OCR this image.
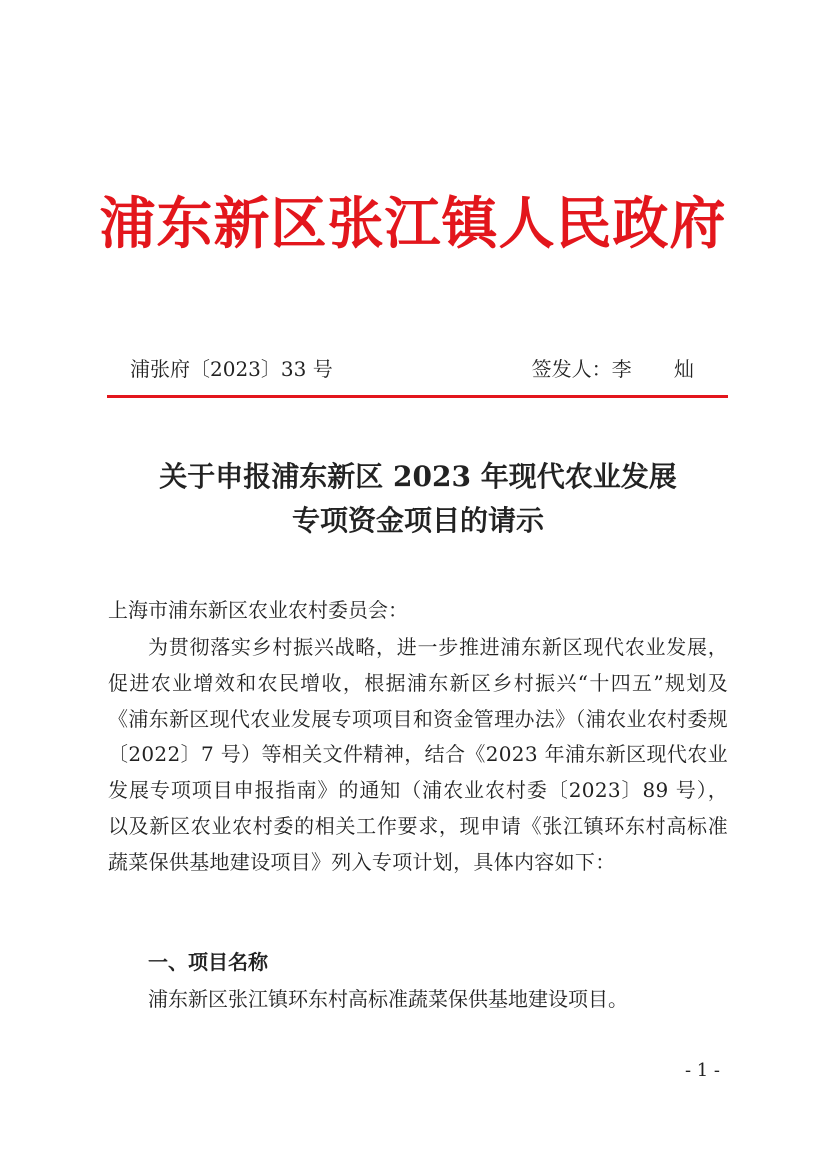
浦东新区张江镇人民政府
浦张府〔2023〕33 号	签发人：李 灿
关于申报浦东新区 2023 年现代农业发展
专项资金项目的请示
上海市浦东新区农业农村委员会：
为贯彻落实乡村振兴战略，进一步推进浦东新区现代农业发展，促进农业增效和农民增收，根据浦东新区乡村振兴“十四五”规划及《浦东新区现代农业发展专项项目和资金管理办法》（浦农业农村委规〔2022〕7 号）等相关文件精神，结合《2023 年浦东新区现代农业发展专项项目申报指南》的通知（浦农业农村委〔2023〕89 号），以及新区农业农村委的相关工作要求，现申请《张江镇环东村高标准蔬菜保供基地建设项目》列入专项计划，具体内容如下：
一、项目名称
浦东新区张江镇环东村高标准蔬菜保供基地建设项目。
- 1 -
